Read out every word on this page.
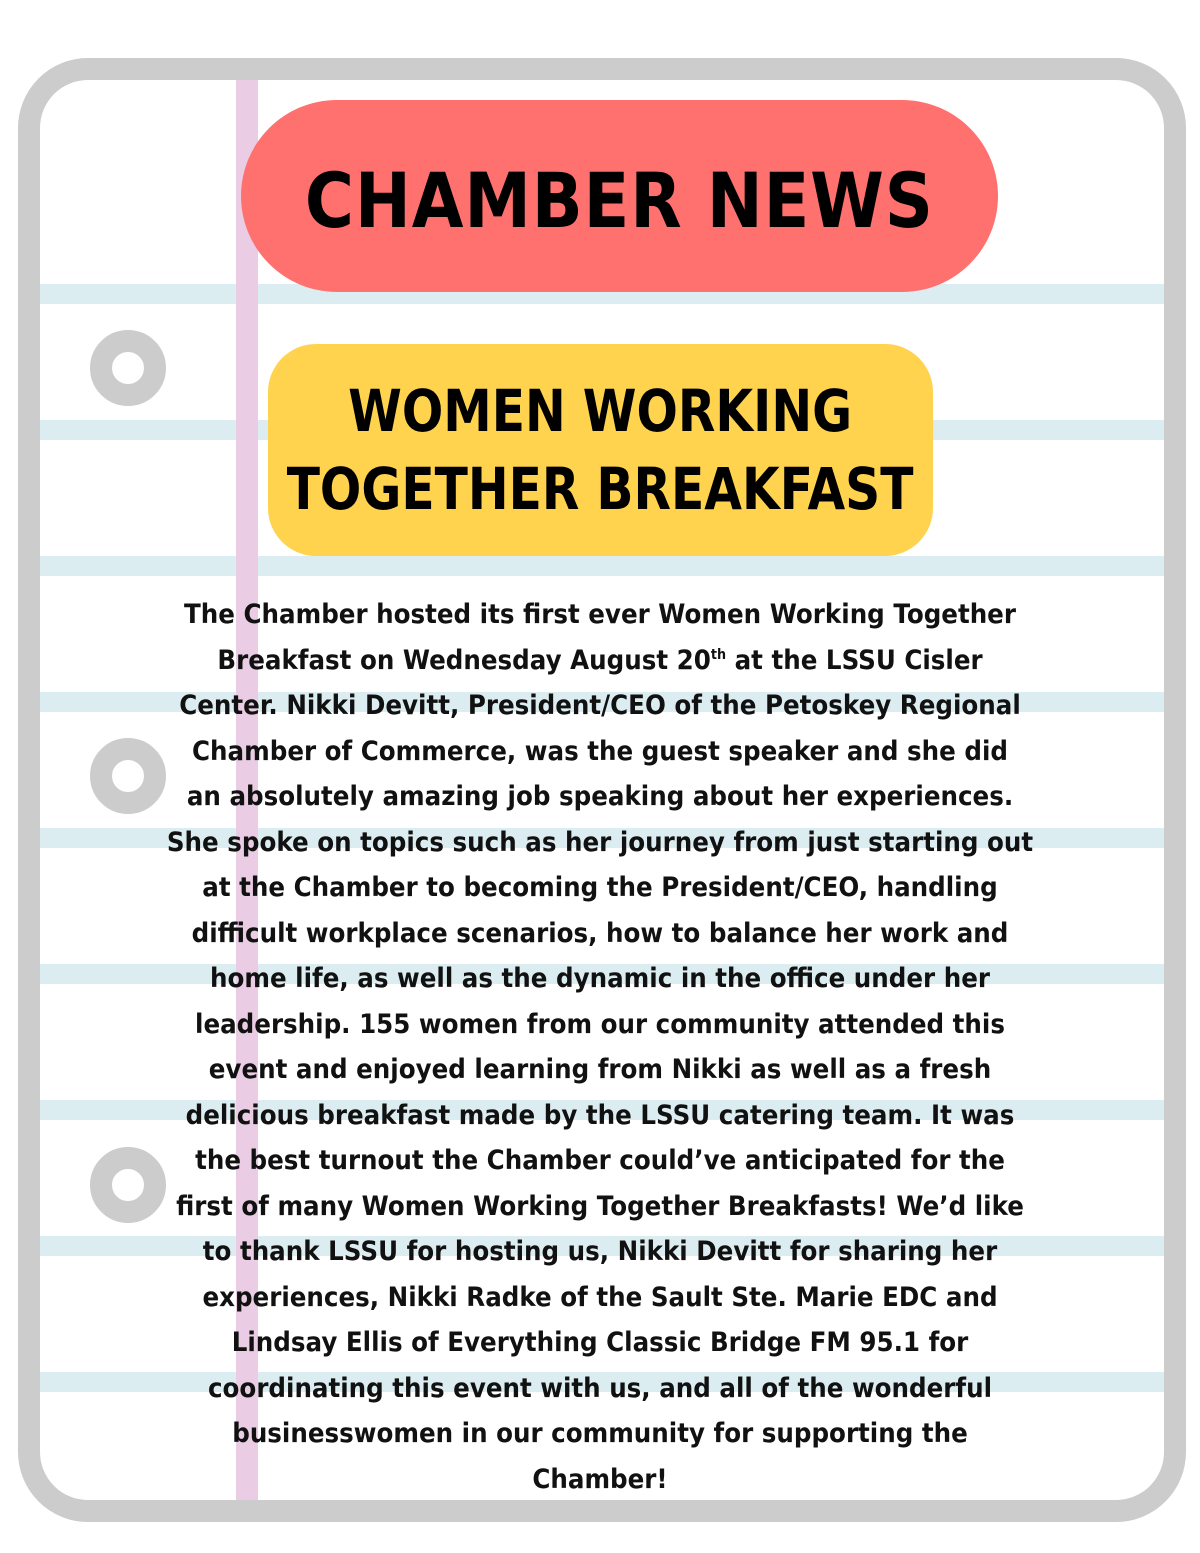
CHAMBER NEWS
WOMEN WORKING
TOGETHER BREAKFAST
The Chamber hosted its first ever Women Working Together
Breakfast on Wednesday August 20th at the LSSU Cisler
Center. Nikki Devitt, President/CEO of the Petoskey Regional
Chamber of Commerce, was the guest speaker and she did
an absolutely amazing job speaking about her experiences.
She spoke on topics such as her journey from just starting out
at the Chamber to becoming the President/CEO, handling
difficult workplace scenarios, how to balance her work and
home life, as well as the dynamic in the office under her
leadership. 155 women from our community attended this
event and enjoyed learning from Nikki as well as a fresh
delicious breakfast made by the LSSU catering team. It was
the best turnout the Chamber could’ve anticipated for the
first of many Women Working Together Breakfasts! We’d like
to thank LSSU for hosting us, Nikki Devitt for sharing her
experiences, Nikki Radke of the Sault Ste. Marie EDC and
Lindsay Ellis of Everything Classic Bridge FM 95.1 for
coordinating this event with us, and all of the wonderful
businesswomen in our community for supporting the
Chamber!
